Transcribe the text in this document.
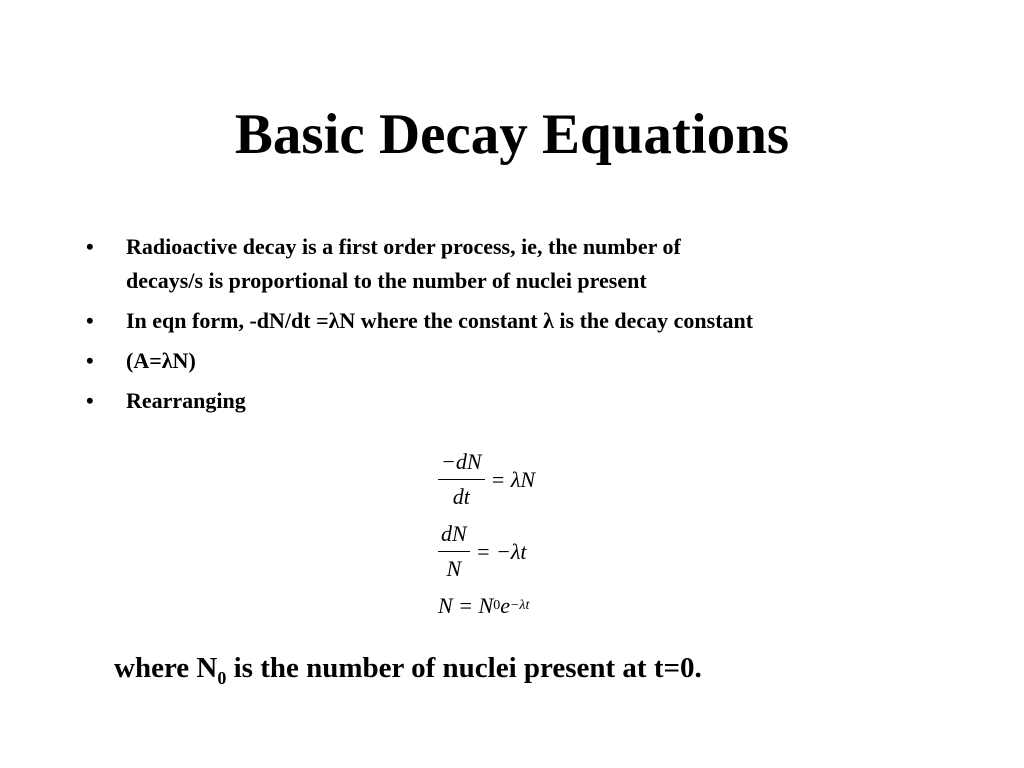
Basic Decay Equations
• Radioactive decay is a first order process, ie, the number of
decays/s is proportional to the number of nuclei present
• In eqn form, -dN/dt =λN where the constant λ is the decay constant
• (A=λN)
• Rearranging
$\frac{-dN}{dt} = \lambda N$
$\frac{dN}{N} = -\lambda t$
N = N 0 e −λt

where $N_0$ is the number of nuclei present at t=0.
